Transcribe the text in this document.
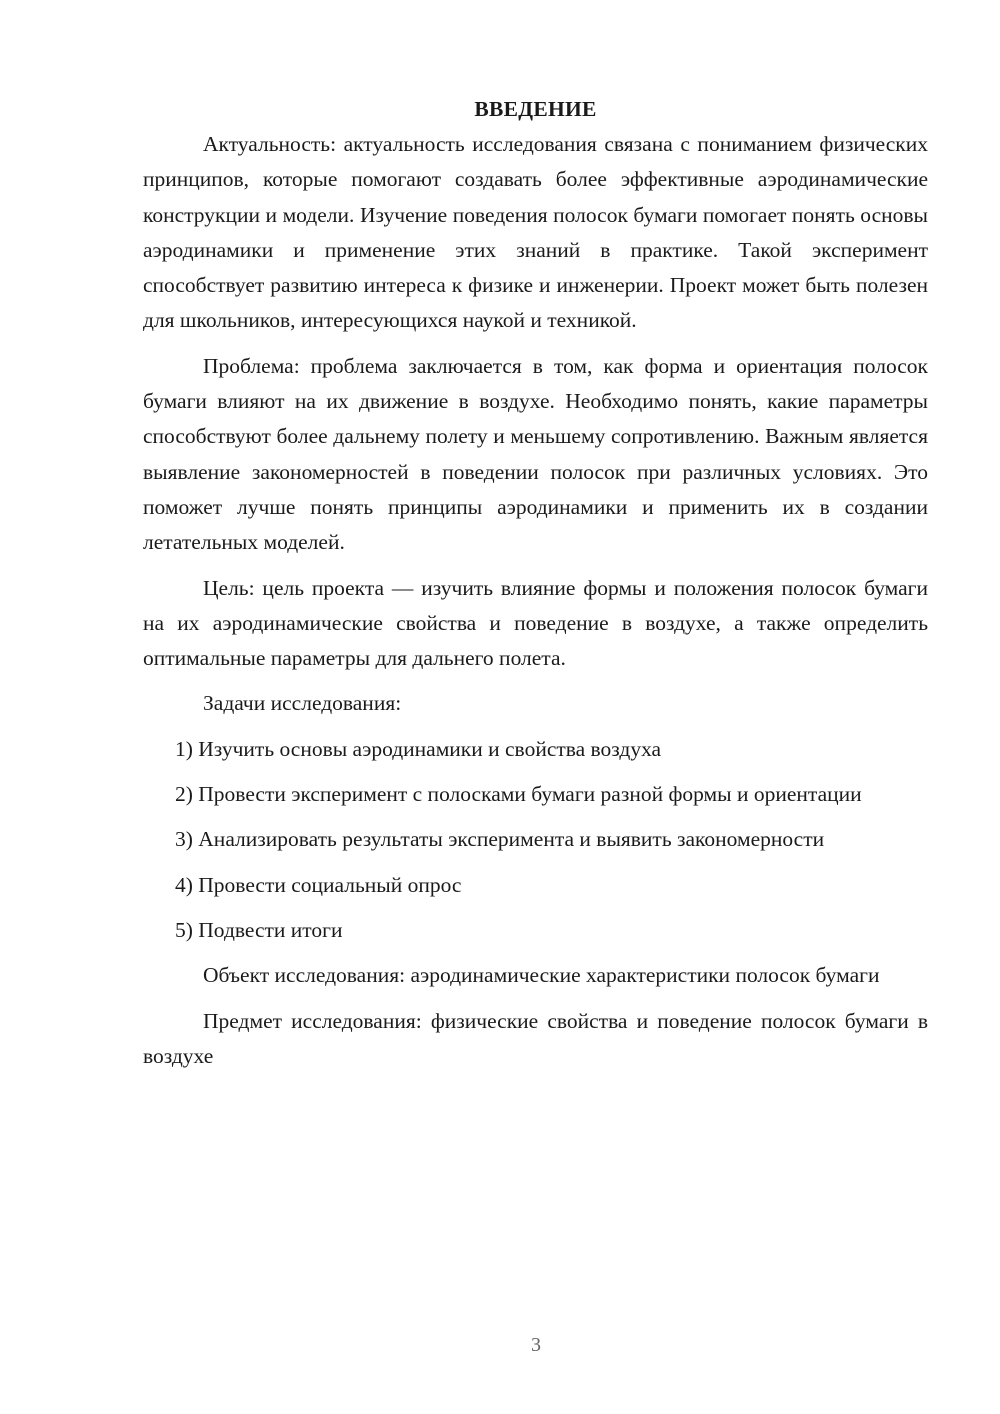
ВВЕДЕНИЕ

Актуальность: актуальность исследования связана с пониманием физических принципов, которые помогают создавать более эффективные аэродинамические конструкции и модели. Изучение поведения полосок бумаги помогает понять основы аэродинамики и применение этих знаний в практике. Такой эксперимент способствует развитию интереса к физике и инженерии. Проект может быть полезен для школьников, интересующихся наукой и техникой.

Проблема: проблема заключается в том, как форма и ориентация полосок бумаги влияют на их движение в воздухе. Необходимо понять, какие параметры способствуют более дальнему полету и меньшему сопротивлению. Важным является выявление закономерностей в поведении полосок при различных условиях. Это поможет лучше понять принципы аэродинамики и применить их в создании летательных моделей.

Цель: цель проекта — изучить влияние формы и положения полосок бумаги на их аэродинамические свойства и поведение в воздухе, а также определить оптимальные параметры для дальнего полета.

Задачи исследования:

1) Изучить основы аэродинамики и свойства воздуха

2) Провести эксперимент с полосками бумаги разной формы и ориентации

3) Анализировать результаты эксперимента и выявить закономерности

4) Провести социальный опрос

5) Подвести итоги

Объект исследования: аэродинамические характеристики полосок бумаги

Предмет исследования: физические свойства и поведение полосок бумаги в воздухе

3
